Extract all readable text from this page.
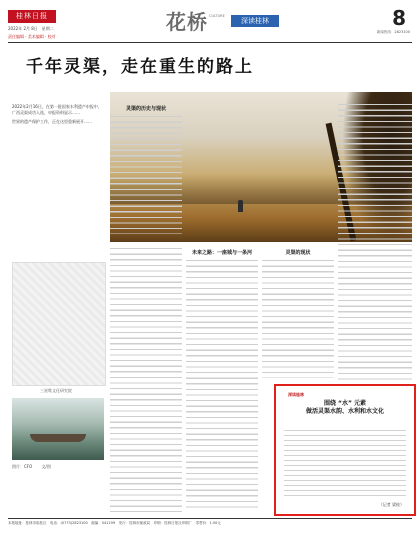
桂林日报
2022年 2月 8日　星期二
责任编辑 · 美术编辑 · 校对
花桥 CULTURE
深读桂林	8
新闻热线：2823100
千年灵渠，走在重生的路上

2022年2月16日，在第一批国家水利遗产申报中，广西灵渠成功入选，申报资料显示……

世界的遗产保护工作，正在这里重新展开……

三星堆文化研究院
图片：CFO 文/图
灵渠的历史与现状
未来之路：一座城与一条河	灵渠的现状
深读桂林
围绕 “水” 元素
做活灵渠水韵、水利和水文化
（记者 梁桂）
本报地址：桂林市临桂区　电话：(0773)2823100　邮编：541199　发行：桂林市邮政局　印刷：桂林日报社印刷厂　零售价：1.50元
